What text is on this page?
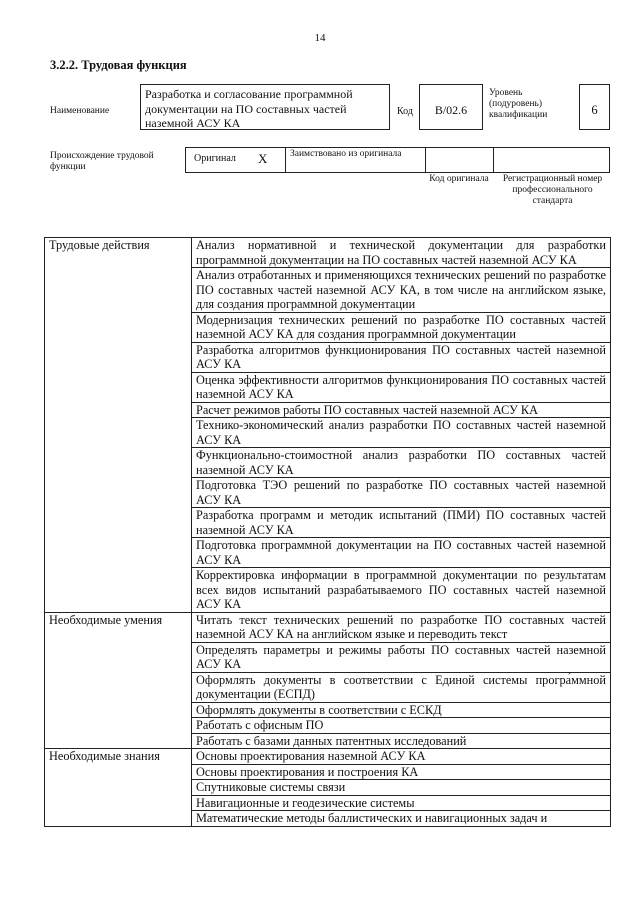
14
3.2.2. Трудовая функция
Наименование
Разработка и согласование программной документации на ПО составных частей наземной АСУ КА
Код	В/02.6
Уровень (подуровень) квалификации	6
Происхождение трудовой функции
Оригинал X Заимствовано из оригинала
Код оригинала	Регистрационный номер профессионального стандарта
Трудовые действия	Анализ нормативной и технической документации для разработки программной документации на ПО составных частей наземной АСУ КА
	Анализ отработанных и применяющихся технических решений по разработке ПО составных частей наземной АСУ КА, в том числе на английском языке, для создания программной документации
	Модернизация технических решений по разработке ПО составных частей наземной АСУ КА для создания программной документации
	Разработка алгоритмов функционирования ПО составных частей наземной АСУ КА
	Оценка эффективности алгоритмов функционирования ПО составных частей наземной АСУ КА
	Расчет режимов работы ПО составных частей наземной АСУ КА
	Технико-экономический анализ разработки ПО составных частей наземной АСУ КА
	Функционально-стоимостной анализ разработки ПО составных частей наземной АСУ КА
	Подготовка ТЭО решений по разработке ПО составных частей наземной АСУ КА
	Разработка программ и методик испытаний (ПМИ) ПО составных частей наземной АСУ КА
	Подготовка программной документации на ПО составных частей наземной АСУ КА
	Корректировка информации в программной документации по результатам всех видов испытаний разрабатываемого ПО составных частей наземной АСУ КА
Необходимые умения	Читать текст технических решений по разработке ПО составных частей наземной АСУ КА на английском языке и переводить текст
	Определять параметры и режимы работы ПО составных частей наземной АСУ КА
	Оформлять документы в соответствии с Единой системы програ́ммной документации (ЕСПД)
	Оформлять документы в соответствии с ЕСКД
	Работать с офисным ПО
	Работать с базами данных патентных исследований
Необходимые знания	Основы проектирования наземной АСУ КА
	Основы проектирования и построения КА
	Спутниковые системы связи
	Навигационные и геодезические системы
	Математические методы баллистических и навигационных задач и
